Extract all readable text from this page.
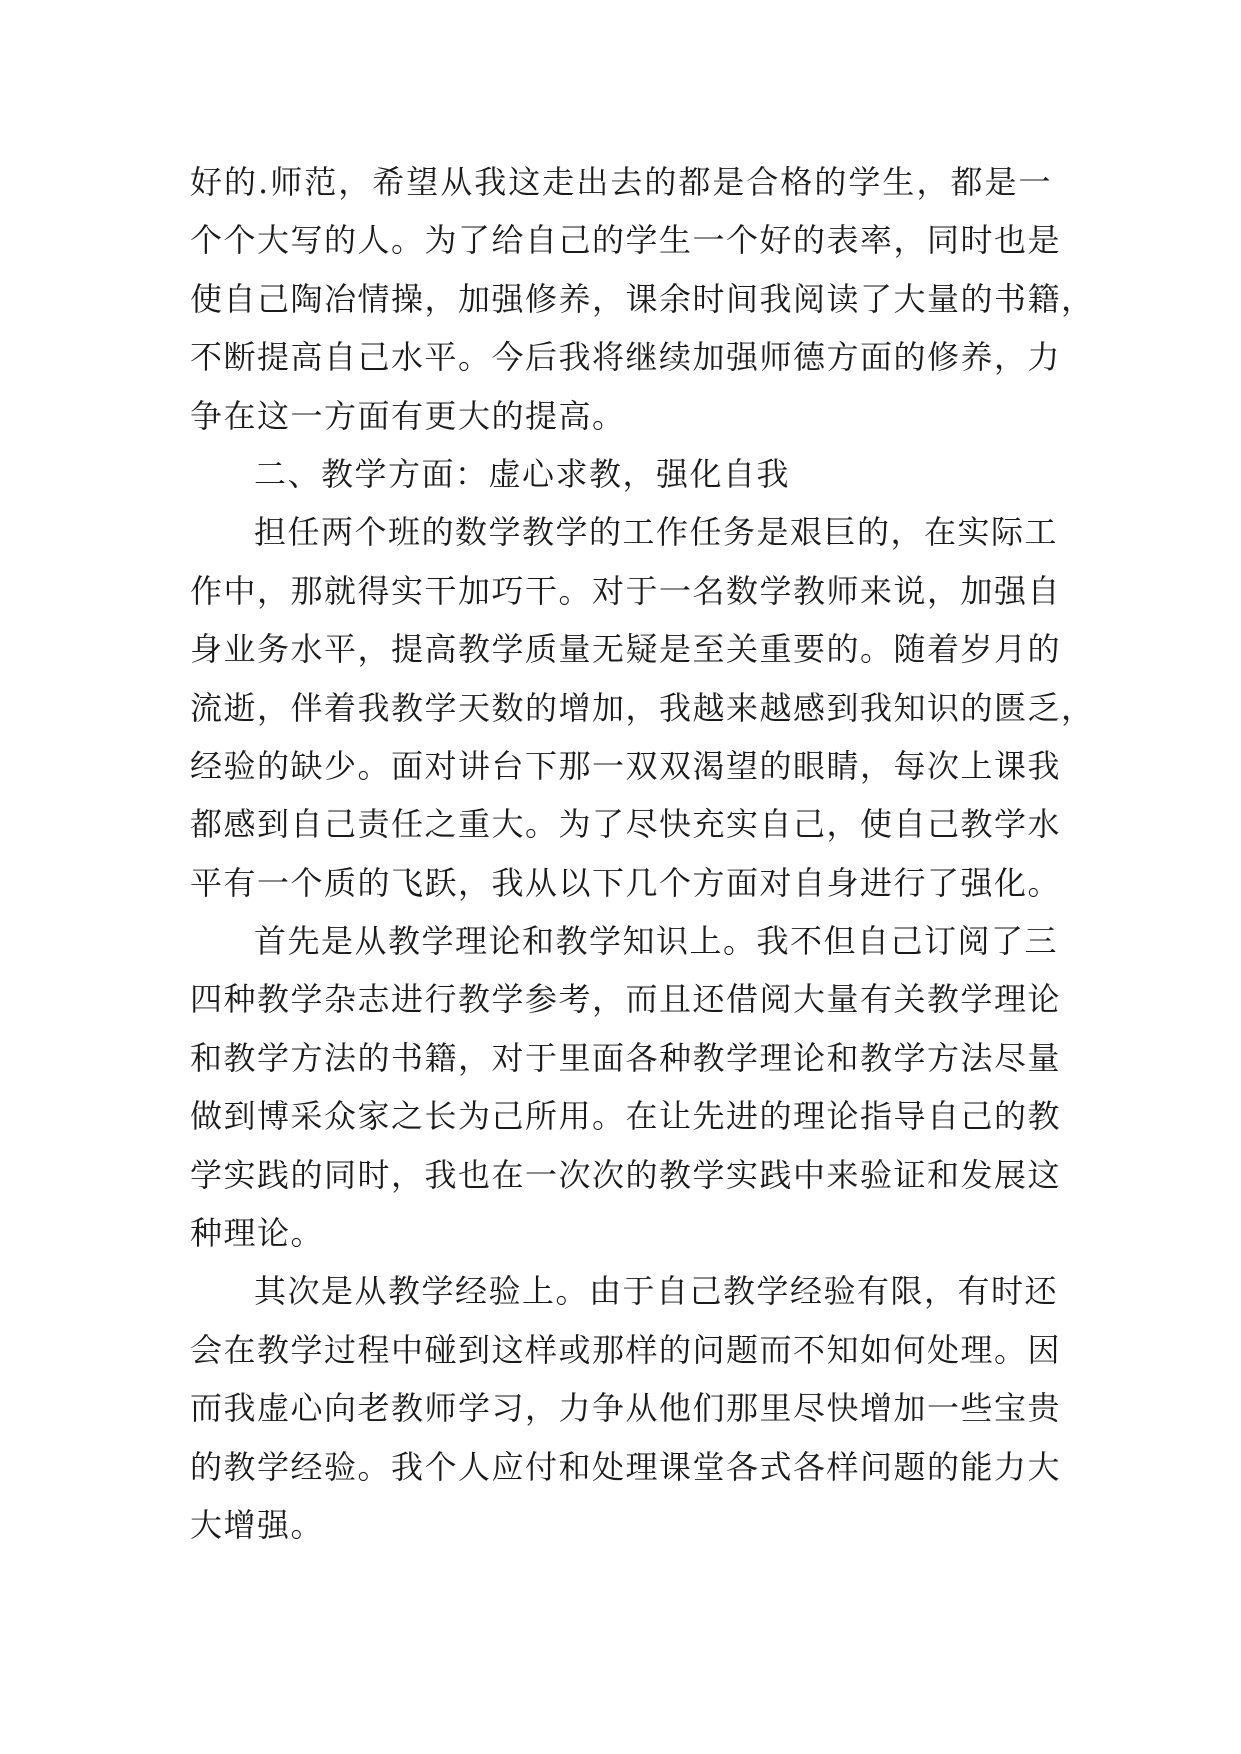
好的.师范，希望从我这走出去的都是合格的学生，都是一
个个大写的人。为了给自己的学生一个好的表率，同时也是
使自己陶冶情操，加强修养，课余时间我阅读了大量的书籍，
不断提高自己水平。今后我将继续加强师德方面的修养，力
争在这一方面有更大的提高。
二、教学方面：虚心求教，强化自我
担任两个班的数学教学的工作任务是艰巨的，在实际工
作中，那就得实干加巧干。对于一名数学教师来说，加强自
身业务水平，提高教学质量无疑是至关重要的。随着岁月的
流逝，伴着我教学天数的增加，我越来越感到我知识的匮乏，
经验的缺少。面对讲台下那一双双渴望的眼睛，每次上课我
都感到自己责任之重大。为了尽快充实自己，使自己教学水
平有一个质的飞跃，我从以下几个方面对自身进行了强化。
首先是从教学理论和教学知识上。我不但自己订阅了三
四种教学杂志进行教学参考，而且还借阅大量有关教学理论
和教学方法的书籍，对于里面各种教学理论和教学方法尽量
做到博采众家之长为己所用。在让先进的理论指导自己的教
学实践的同时，我也在一次次的教学实践中来验证和发展这
种理论。
其次是从教学经验上。由于自己教学经验有限，有时还
会在教学过程中碰到这样或那样的问题而不知如何处理。因
而我虚心向老教师学习，力争从他们那里尽快增加一些宝贵
的教学经验。我个人应付和处理课堂各式各样问题的能力大
大增强。
